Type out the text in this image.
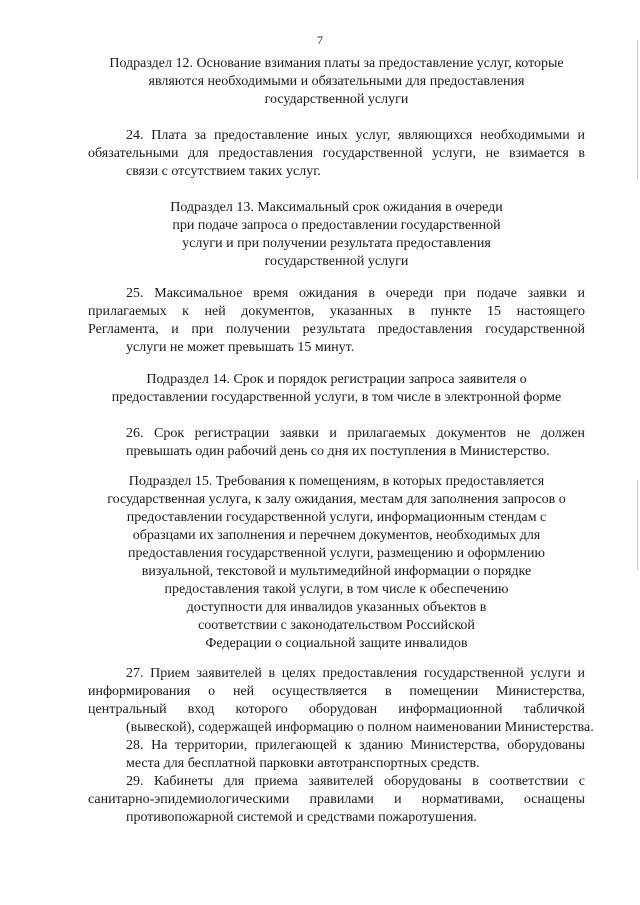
7
Подраздел 12. Основание взимания платы за предоставление услуг, которые
являются необходимыми и обязательными для предоставления
государственной услуги
24. Плата за предоставление иных услуг, являющихся необходимыми и
обязательными для предоставления государственной услуги, не взимается в
связи с отсутствием таких услуг.
Подраздел 13. Максимальный срок ожидания в очереди
при подаче запроса о предоставлении государственной
услуги и при получении результата предоставления
государственной услуги
25. Максимальное время ожидания в очереди при подаче заявки и
прилагаемых к ней документов, указанных в пункте 15 настоящего
Регламента, и при получении результата предоставления государственной
услуги не может превышать 15 минут.
Подраздел 14. Срок и порядок регистрации запроса заявителя о
предоставлении государственной услуги, в том числе в электронной форме
26. Срок регистрации заявки и прилагаемых документов не должен
превышать один рабочий день со дня их поступления в Министерство.
Подраздел 15. Требования к помещениям, в которых предоставляется
государственная услуга, к залу ожидания, местам для заполнения запросов о
предоставлении государственной услуги, информационным стендам с
образцами их заполнения и перечнем документов, необходимых для
предоставления государственной услуги, размещению и оформлению
визуальной, текстовой и мультимедийной информации о порядке
предоставления такой услуги, в том числе к обеспечению
доступности для инвалидов указанных объектов в
соответствии с законодательством Российской
Федерации о социальной защите инвалидов
27. Прием заявителей в целях предоставления государственной услуги и
информирования о ней осуществляется в помещении Министерства,
центральный вход которого оборудован информационной табличкой
(вывеской), содержащей информацию о полном наименовании Министерства.
28. На территории, прилегающей к зданию Министерства, оборудованы
места для бесплатной парковки автотранспортных средств.
29. Кабинеты для приема заявителей оборудованы в соответствии с
санитарно-эпидемиологическими правилами и нормативами, оснащены
противопожарной системой и средствами пожаротушения.
